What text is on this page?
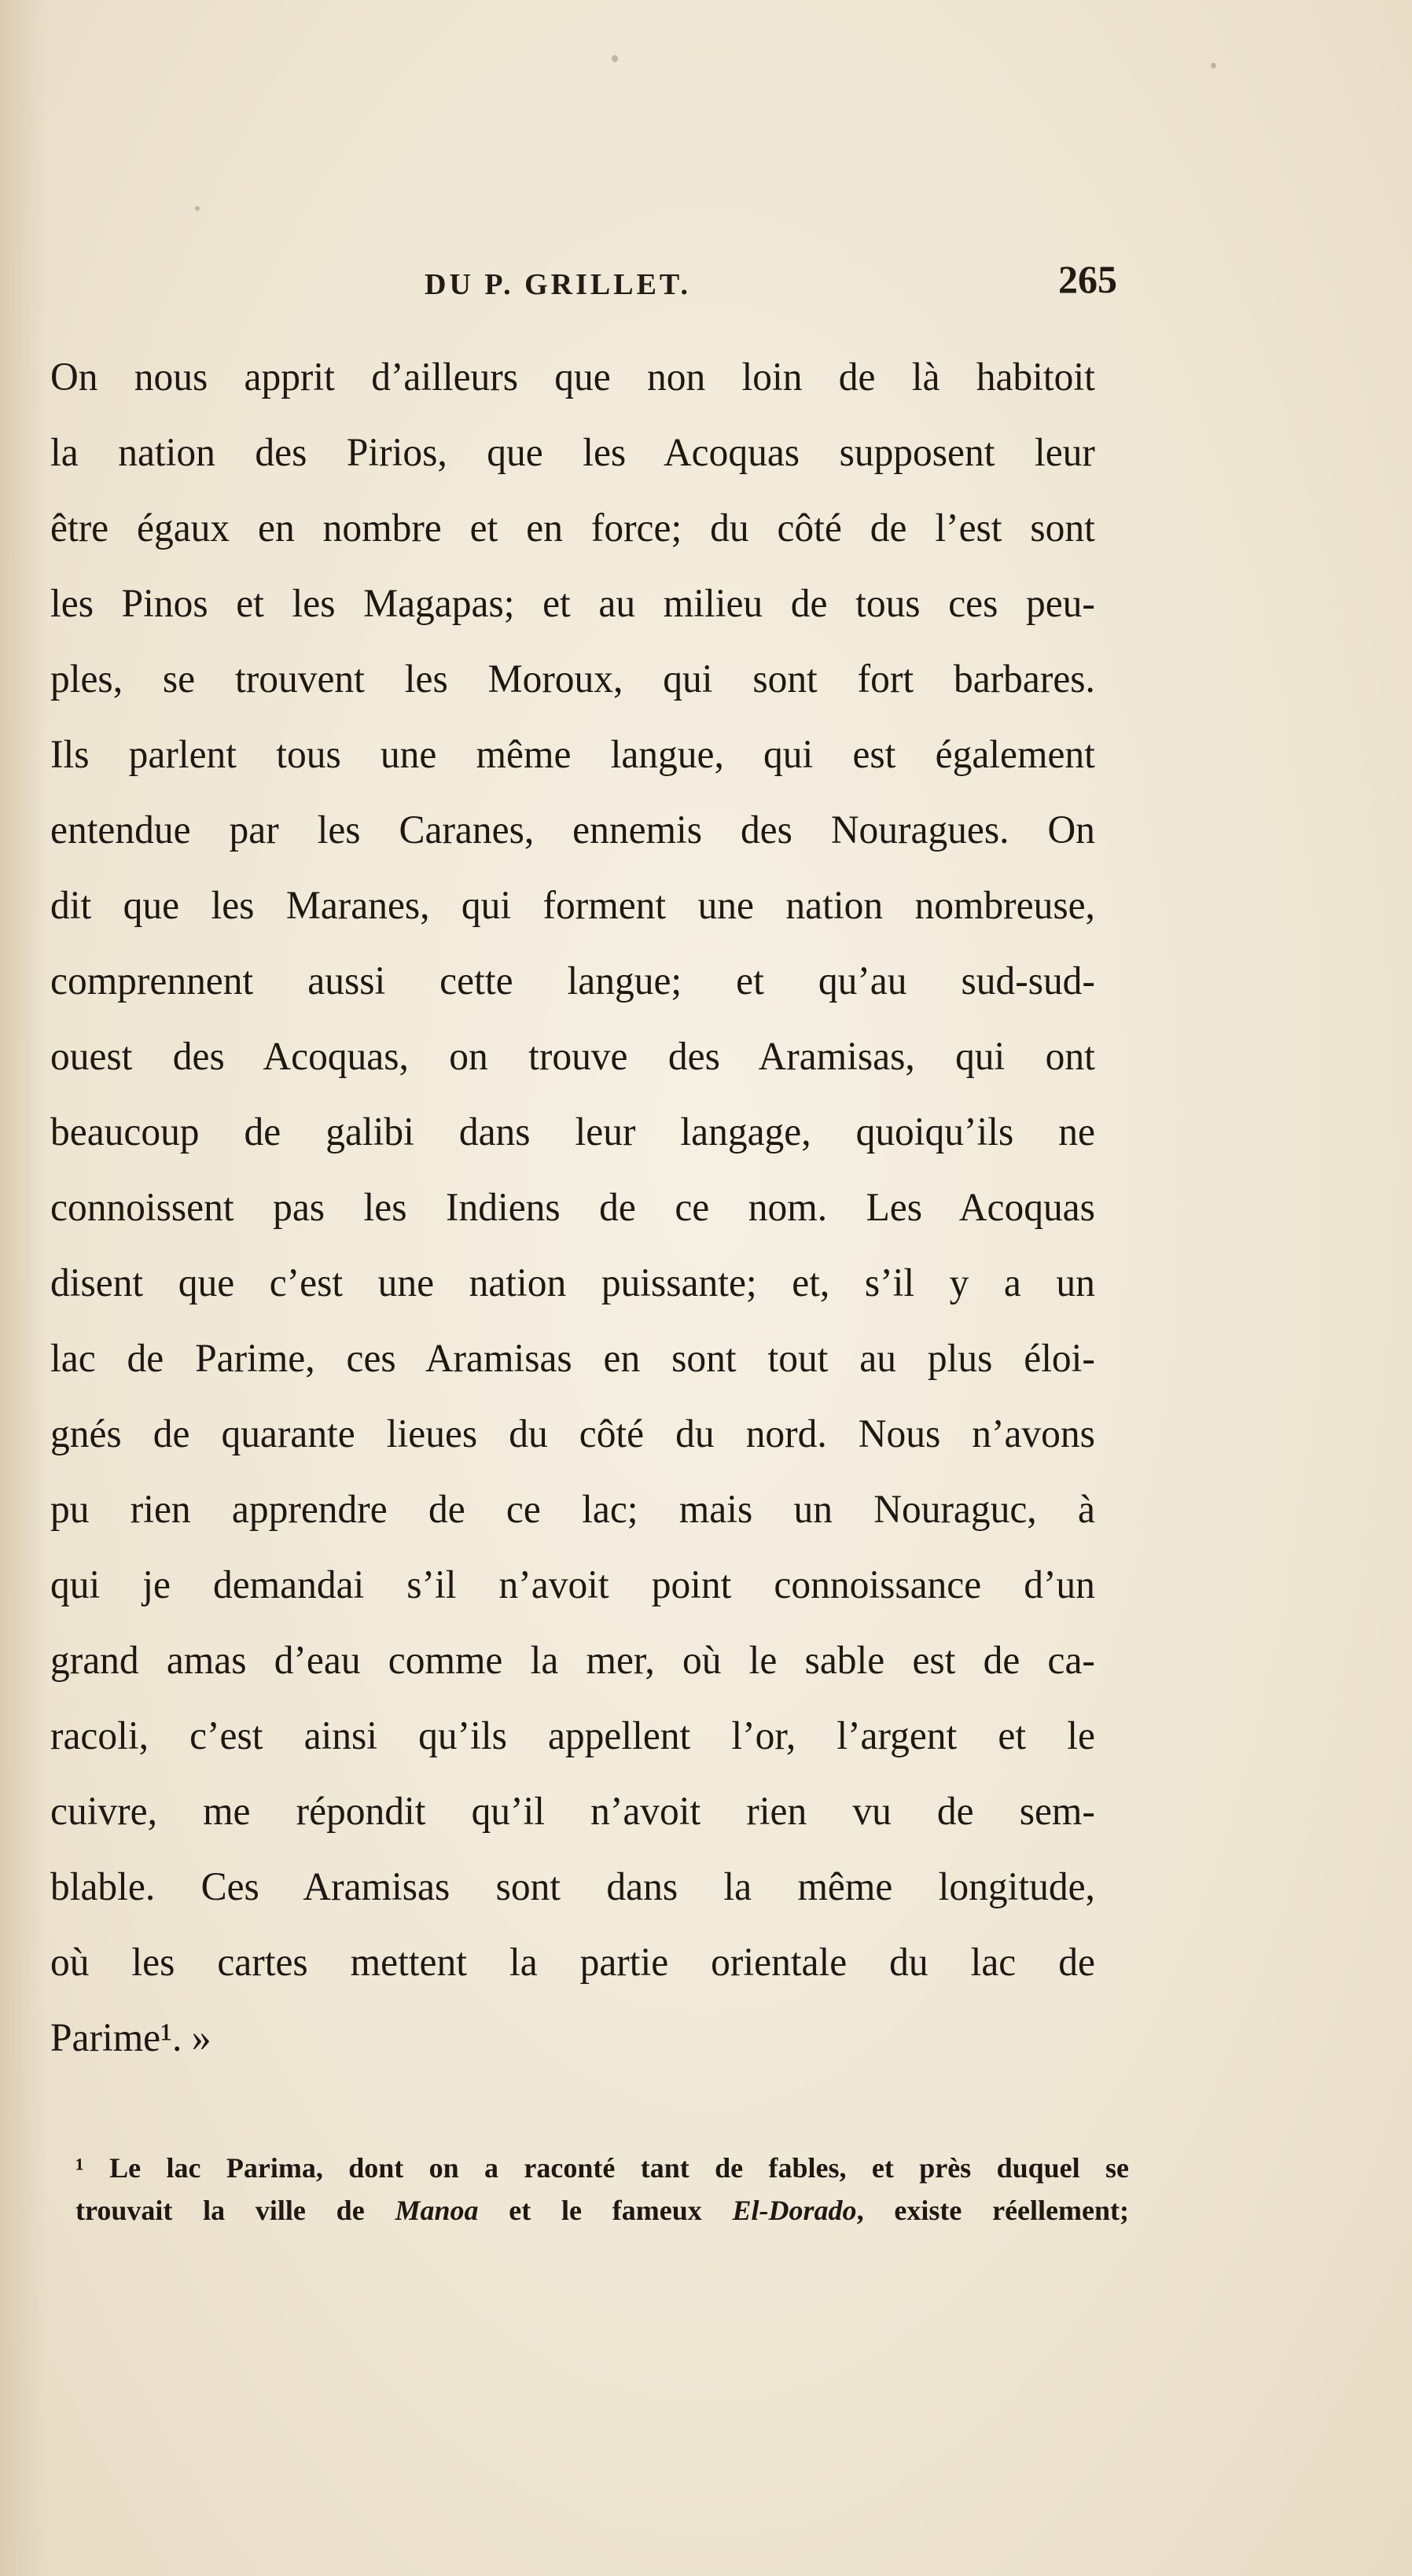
DU P. GRILLET.	265
On nous apprit d’ailleurs que non loin de là habitoit
la nation des Pirios, que les Acoquas supposent leur
être égaux en nombre et en force; du côté de l’est sont
les Pinos et les Magapas; et au milieu de tous ces peu-
ples, se trouvent les Moroux, qui sont fort barbares.
Ils parlent tous une même langue, qui est également
entendue par les Caranes, ennemis des Nouragues. On
dit que les Maranes, qui forment une nation nombreuse,
comprennent aussi cette langue; et qu’au sud-sud-
ouest des Acoquas, on trouve des Aramisas, qui ont
beaucoup de galibi dans leur langage, quoiqu’ils ne
connoissent pas les Indiens de ce nom. Les Acoquas
disent que c’est une nation puissante; et, s’il y a un
lac de Parime, ces Aramisas en sont tout au plus éloi-
gnés de quarante lieues du côté du nord. Nous n’avons
pu rien apprendre de ce lac; mais un Nouraguc, à
qui je demandai s’il n’avoit point connoissance d’un
grand amas d’eau comme la mer, où le sable est de ca-
racoli, c’est ainsi qu’ils appellent l’or, l’argent et le
cuivre, me répondit qu’il n’avoit rien vu de sem-
blable. Ces Aramisas sont dans la même longitude,
où les cartes mettent la partie orientale du lac de
Parime¹. »
¹ Le lac Parima, dont on a raconté tant de fables, et près duquel se
trouvait la ville de Manoa et le fameux El-Dorado, existe réellement;
